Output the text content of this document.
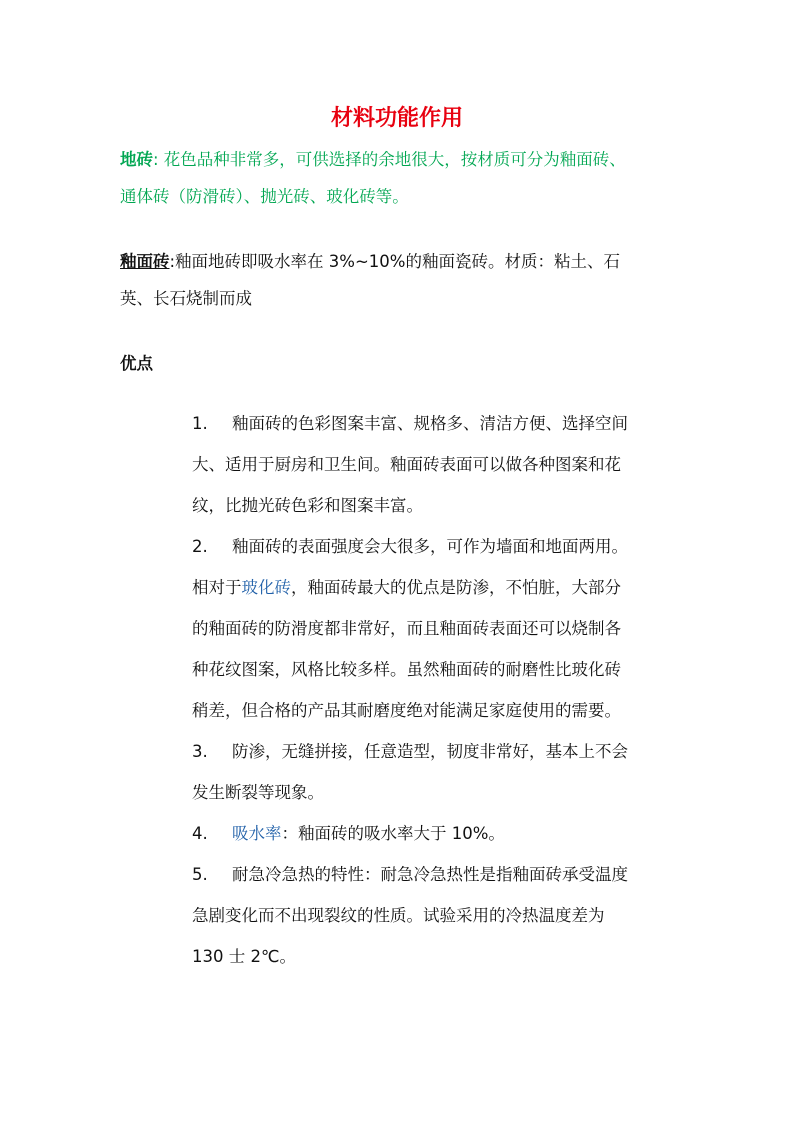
材料功能作用
地砖: 花色品种非常多，可供选择的余地很大，按材质可分为釉面砖、
通体砖（防滑砖）、抛光砖、玻化砖等。
釉面砖:釉面地砖即吸水率在 3%~10%的釉面瓷砖。材质：粘土、石
英、长石烧制而成
优点
1. 釉面砖的色彩图案丰富、规格多、清洁方便、选择空间
大、适用于厨房和卫生间。釉面砖表面可以做各种图案和花
纹，比抛光砖色彩和图案丰富。
2. 釉面砖的表面强度会大很多，可作为墙面和地面两用。
相对于玻化砖，釉面砖最大的优点是防渗，不怕脏，大部分
的釉面砖的防滑度都非常好，而且釉面砖表面还可以烧制各
种花纹图案，风格比较多样。虽然釉面砖的耐磨性比玻化砖
稍差，但合格的产品其耐磨度绝对能满足家庭使用的需要。
3. 防渗，无缝拼接，任意造型，韧度非常好，基本上不会
发生断裂等现象。
4. 吸水率：釉面砖的吸水率大于 10%。
5. 耐急冷急热的特性：耐急冷急热性是指釉面砖承受温度
急剧变化而不出现裂纹的性质。试验采用的冷热温度差为
130 士 2℃。
